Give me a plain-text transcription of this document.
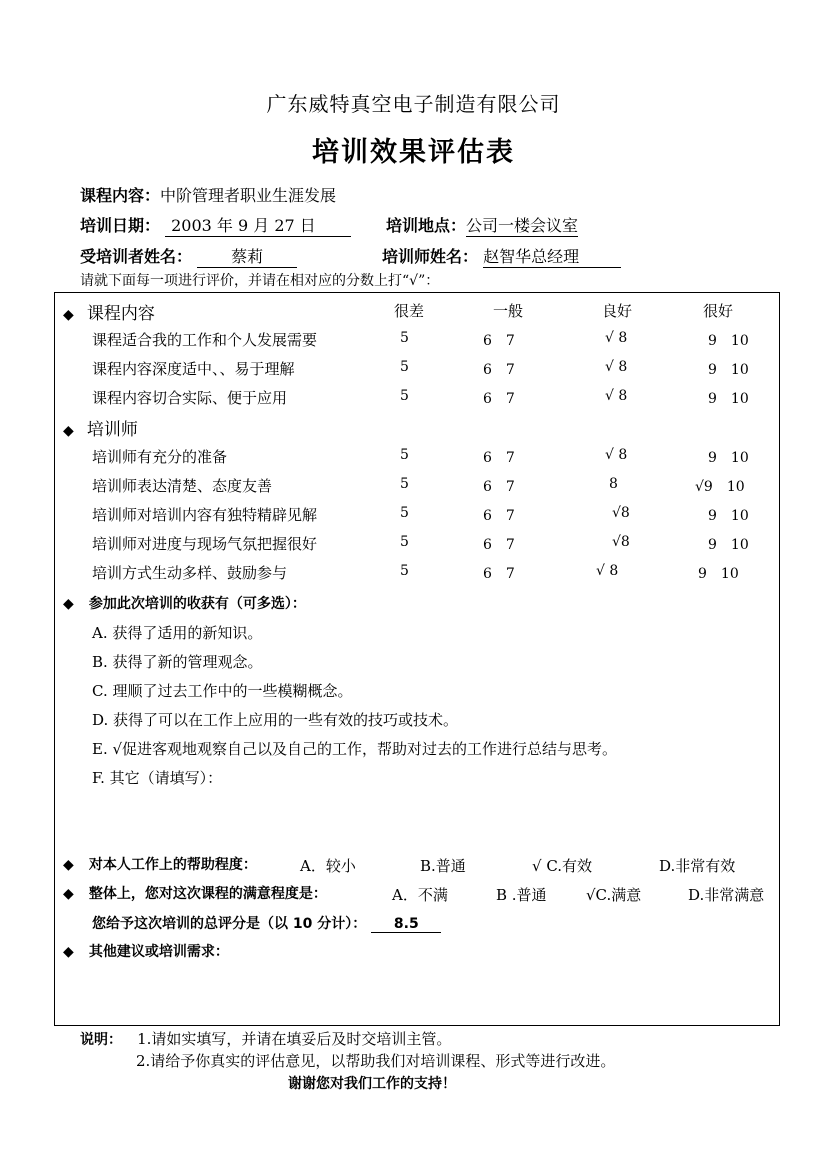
广东威特真空电子制造有限公司
培训效果评估表
课程内容：中阶管理者职业生涯发展
培训日期： 2003 年 9 月 27 日	培训地点：公司一楼会议室
受培训者姓名： 蔡莉	培训师姓名： 赵智华总经理
请就下面每一项进行评价，并请在相对应的分数上打“√”：
◆ 课程内容	很差	一般	良好	很好
课程适合我的工作和个人发展需要	5	6　7	√ 8	9　10
课程内容深度适中、、易于理解	5	6　7	√ 8	9　10
课程内容切合实际、便于应用	5	6　7	√ 8	9　10
◆ 培训师
培训师有充分的准备	5	6　7	√ 8	9　10
培训师表达清楚、态度友善	5	6　7	8	√9　10
培训师对培训内容有独特精辟见解	5	6　7	√8	9　10
培训师对进度与现场气氛把握很好	5	6　7	√8	9　10
培训方式生动多样、鼓励参与	5	6　7	√ 8	9　10
◆ 参加此次培训的收获有（可多选）：
A. 获得了适用的新知识。
B. 获得了新的管理观念。
C. 理顺了过去工作中的一些模糊概念。
D. 获得了可以在工作上应用的一些有效的技巧或技术。
E. √促进客观地观察自己以及自己的工作，帮助对过去的工作进行总结与思考。
F. 其它（请填写）：
◆ 对本人工作上的帮助程度：	A．较小	B.普通	√ C.有效	D.非常有效
◆ 整体上，您对这次课程的满意程度是：	A．不满	B .普通	√C.满意	D.非常满意
您给予这次培训的总评分是（以 10 分计）： 8.5
◆ 其他建议或培训需求：
说明： 1.请如实填写，并请在填妥后及时交培训主管。
2.请给予你真实的评估意见，以帮助我们对培训课程、形式等进行改进。
谢谢您对我们工作的支持！
